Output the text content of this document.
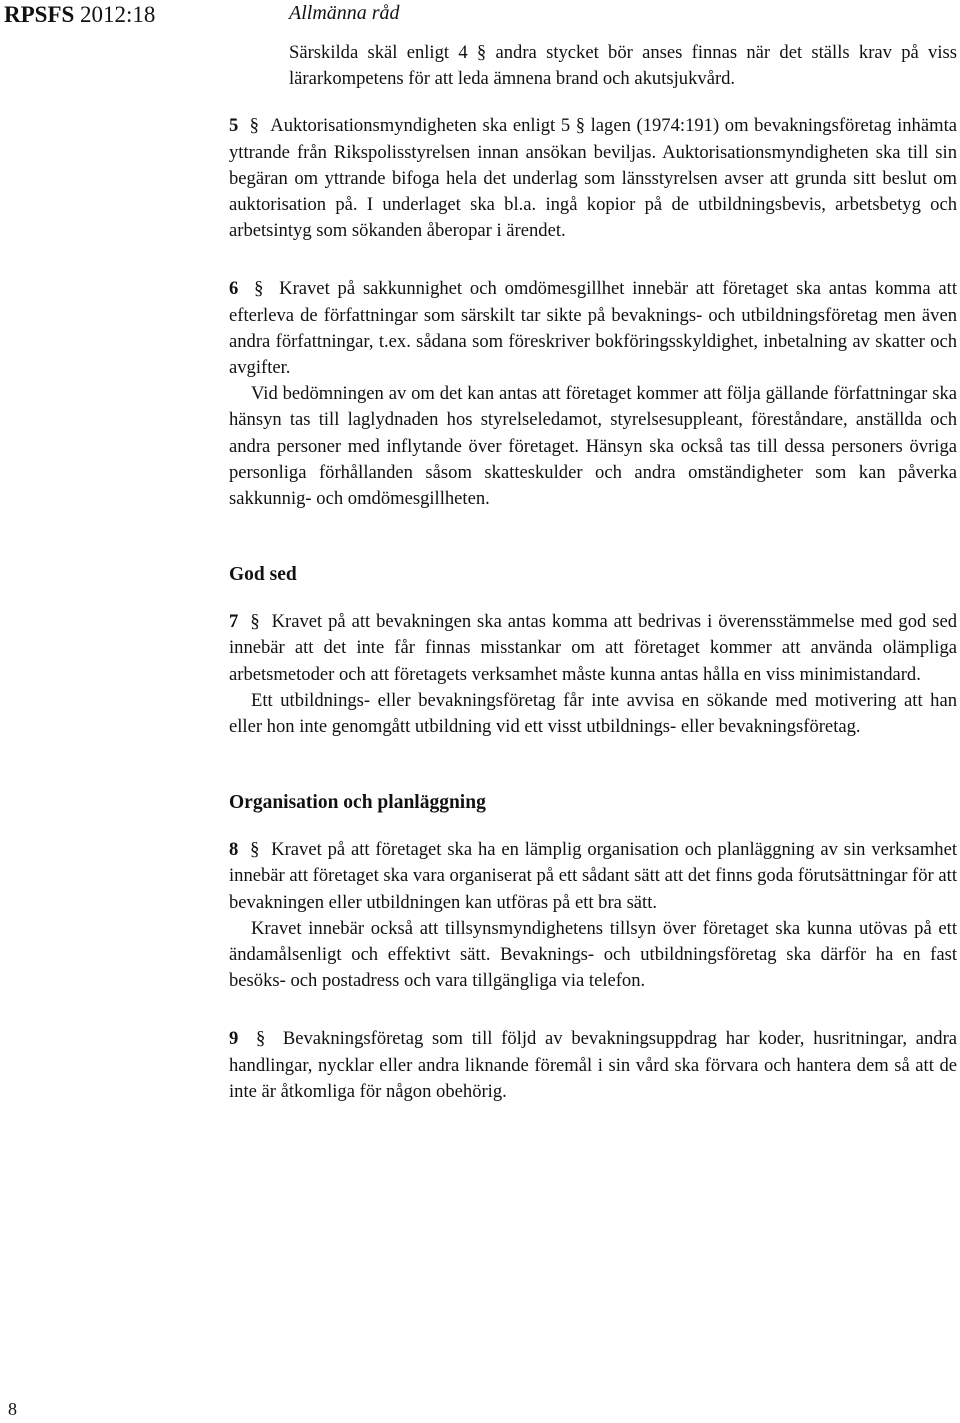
RPSFS 2012:18	Allmänna råd

Särskilda skäl enligt 4 § andra stycket bör anses finnas när det ställs krav på viss lärarkompetens för att leda ämnena brand och akutsjukvård.

5 § Auktorisationsmyndigheten ska enligt 5 § lagen (1974:191) om bevakningsföretag inhämta yttrande från Rikspolisstyrelsen innan ansökan beviljas. Auktorisationsmyndigheten ska till sin begäran om yttrande bifoga hela det underlag som länsstyrelsen avser att grunda sitt beslut om auktorisation på. I underlaget ska bl.a. ingå kopior på de utbildningsbevis, arbetsbetyg och arbetsintyg som sökanden åberopar i ärendet.

6 § Kravet på sakkunnighet och omdömesgillhet innebär att företaget ska antas komma att efterleva de författningar som särskilt tar sikte på bevaknings- och utbildningsföretag men även andra författningar, t.ex. sådana som föreskriver bokföringsskyldighet, inbetalning av skatter och avgifter.

Vid bedömningen av om det kan antas att företaget kommer att följa gällande författningar ska hänsyn tas till laglydnaden hos styrelseledamot, styrelsesuppleant, föreståndare, anställda och andra personer med inflytande över företaget. Hänsyn ska också tas till dessa personers övriga personliga förhållanden såsom skatteskulder och andra omständigheter som kan påverka sakkunnig- och omdömesgillheten.

God sed

7 § Kravet på att bevakningen ska antas komma att bedrivas i överensstämmelse med god sed innebär att det inte får finnas misstankar om att företaget kommer att använda olämpliga arbetsmetoder och att företagets verksamhet måste kunna antas hålla en viss minimistandard.

Ett utbildnings- eller bevakningsföretag får inte avvisa en sökande med motivering att han eller hon inte genomgått utbildning vid ett visst utbildnings- eller bevakningsföretag.

Organisation och planläggning

8 § Kravet på att företaget ska ha en lämplig organisation och planläggning av sin verksamhet innebär att företaget ska vara organiserat på ett sådant sätt att det finns goda förutsättningar för att bevakningen eller utbildningen kan utföras på ett bra sätt.

Kravet innebär också att tillsynsmyndighetens tillsyn över företaget ska kunna utövas på ett ändamålsenligt och effektivt sätt. Bevaknings- och utbildningsföretag ska därför ha en fast besöks- och postadress och vara tillgängliga via telefon.

9 § Bevakningsföretag som till följd av bevakningsuppdrag har koder, husritningar, andra handlingar, nycklar eller andra liknande föremål i sin vård ska förvara och hantera dem så att de inte är åtkomliga för någon obehörig.

8
